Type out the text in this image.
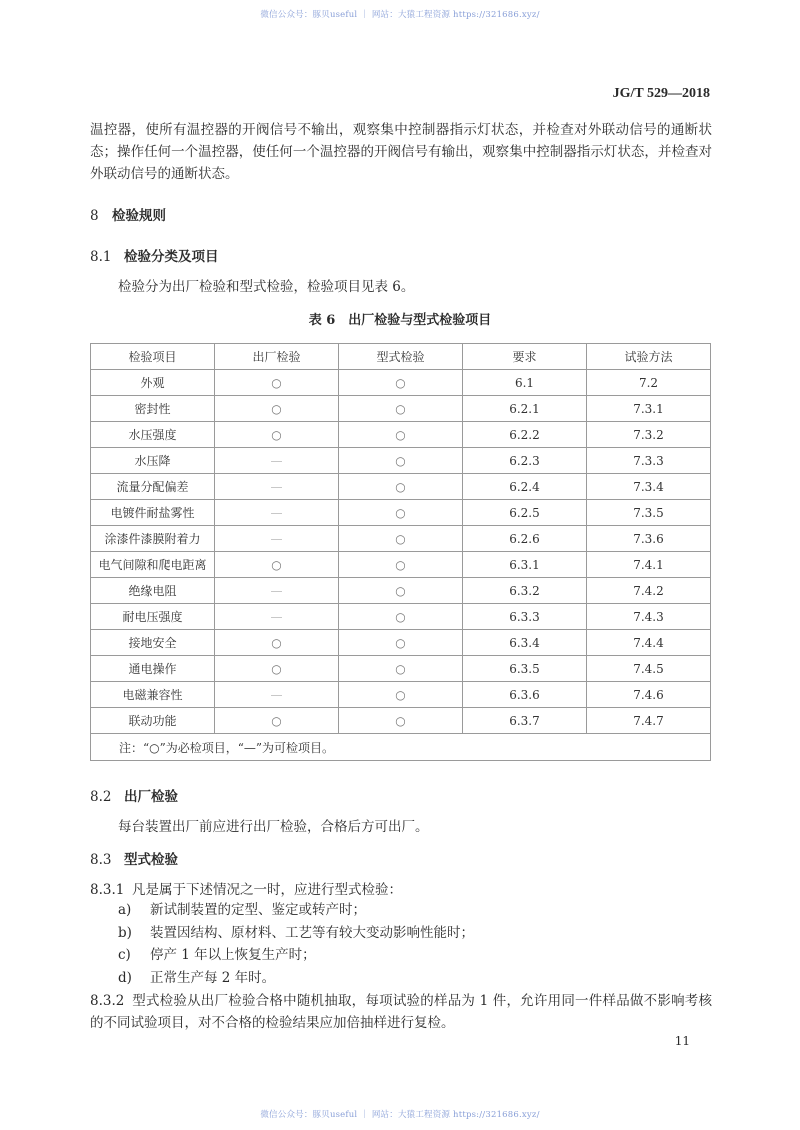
微信公众号：豚贝useful ｜ 网站：大猿工程资源 https://321686.xyz/
JG/T 529—2018
温控器，使所有温控器的开阀信号不输出，观察集中控制器指示灯状态，并检查对外联动信号的通断状态；操作任何一个温控器，使任何一个温控器的开阀信号有输出，观察集中控制器指示灯状态，并检查对外联动信号的通断状态。
8 检验规则
8.1 检验分类及项目
检验分为出厂检验和型式检验，检验项目见表 6。
表 6　出厂检验与型式检验项目
检验项目	出厂检验	型式检验	要求	试验方法
外观	○	○	6.1	7.2
密封性	○	○	6.2.1	7.3.1
水压强度	○	○	6.2.2	7.3.2
水压降	—	○	6.2.3	7.3.3
流量分配偏差	—	○	6.2.4	7.3.4
电镀件耐盐雾性	—	○	6.2.5	7.3.5
涂漆件漆膜附着力	—	○	6.2.6	7.3.6
电气间隙和爬电距离	○	○	6.3.1	7.4.1
绝缘电阻	—	○	6.3.2	7.4.2
耐电压强度	—	○	6.3.3	7.4.3
接地安全	○	○	6.3.4	7.4.4
通电操作	○	○	6.3.5	7.4.5
电磁兼容性	—	○	6.3.6	7.4.6
联动功能	○	○	6.3.7	7.4.7
注：“○”为必检项目，“—”为可检项目。				
8.2 出厂检验
每台装置出厂前应进行出厂检验，合格后方可出厂。
8.3 型式检验
8.3.1 凡是属于下述情况之一时，应进行型式检验：
a) 新试制装置的定型、鉴定或转产时；
b) 装置因结构、原材料、工艺等有较大变动影响性能时；
c) 停产 1 年以上恢复生产时；
d) 正常生产每 2 年时。
8.3.2 型式检验从出厂检验合格中随机抽取，每项试验的样品为 1 件，允许用同一件样品做不影响考核的不同试验项目，对不合格的检验结果应加倍抽样进行复检。
11
微信公众号：豚贝useful ｜ 网站：大猿工程资源 https://321686.xyz/
